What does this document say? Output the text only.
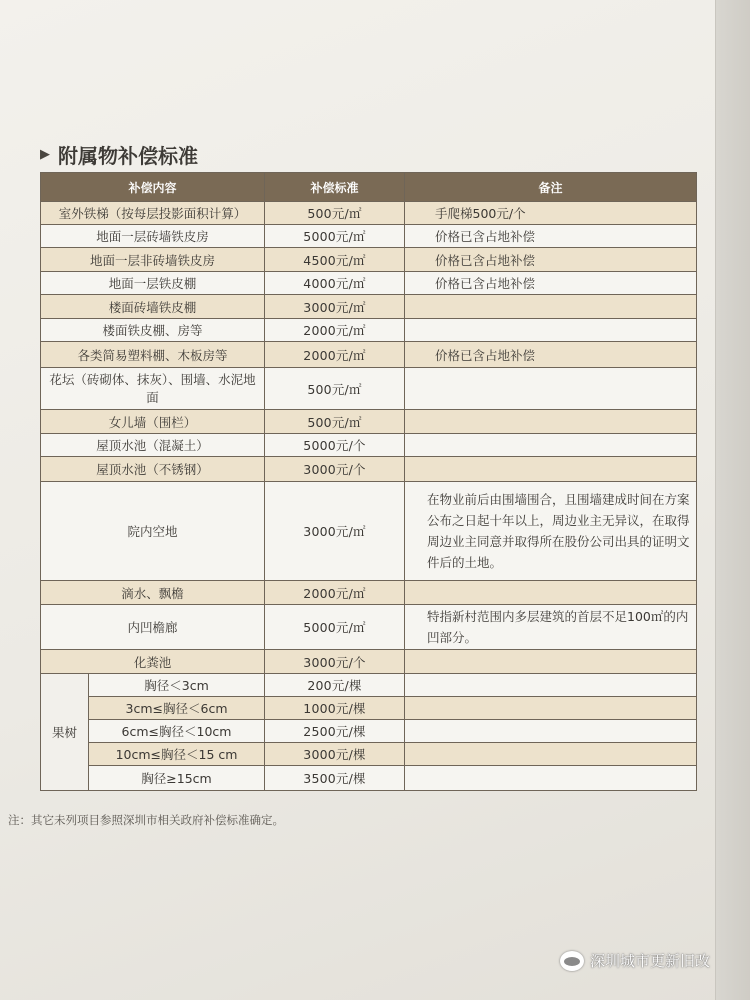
▶ 附属物补偿标准
补偿内容		补偿标准	备注
室外铁梯（按每层投影面积计算）		500元/㎡	手爬梯500元/个
地面一层砖墙铁皮房		5000元/㎡	价格已含占地补偿
地面一层非砖墙铁皮房		4500元/㎡	价格已含占地补偿
地面一层铁皮棚		4000元/㎡	价格已含占地补偿
楼面砖墙铁皮棚		3000元/㎡	
楼面铁皮棚、房等		2000元/㎡	
各类简易塑料棚、木板房等		2000元/㎡	价格已含占地补偿
花坛（砖砌体、抹灰）、围墙、水泥地面		500元/㎡	
女儿墙（围栏）		500元/㎡	
屋顶水池（混凝土）		5000元/个	
屋顶水池（不锈钢）		3000元/个	
院内空地		3000元/㎡	在物业前后由围墙围合，且围墙建成时间在方案公布之日起十年以上，周边业主无异议，在取得周边业主同意并取得所在股份公司出具的证明文件后的土地。
滴水、飘檐		2000元/㎡	
内凹檐廊		5000元/㎡	特指新村范围内多层建筑的首层不足100㎡的内凹部分。
化粪池		3000元/个	
果树	胸径＜3cm	200元/棵	
	3cm≤胸径＜6cm	1000元/棵	
	6cm≤胸径＜10cm	2500元/棵	
	10cm≤胸径＜15 cm	3000元/棵	
	胸径≥15cm	3500元/棵	
注：其它未列项目参照深圳市相关政府补偿标准确定。
深圳城市更新旧改
